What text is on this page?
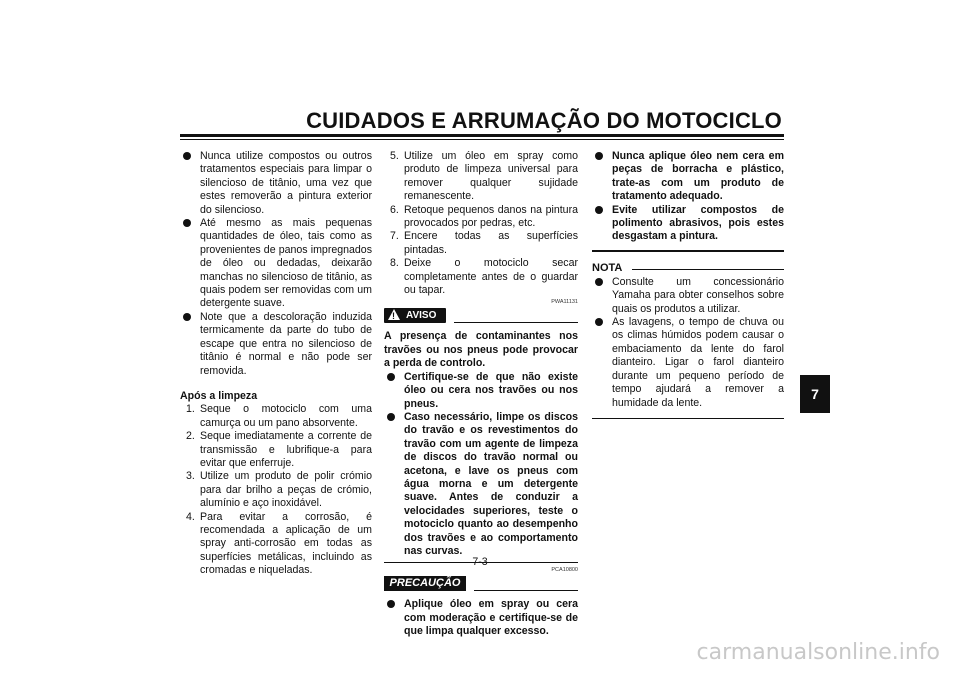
CUIDADOS E ARRUMAÇÃO DO MOTOCICLO
Nunca utilize compostos ou outros tratamentos especiais para limpar o silencioso de titânio, uma vez que estes removerão a pintura exterior do silencioso.
Até mesmo as mais pequenas quantidades de óleo, tais como as provenientes de panos impregnados de óleo ou dedadas, deixarão manchas no silencioso de titânio, as quais podem ser removidas com um detergente suave.
Note que a descoloração induzida termicamente da parte do tubo de escape que entra no silencioso de titânio é normal e não pode ser removida.
Após a limpeza
1. Seque o motociclo com uma camurça ou um pano absorvente.
2. Seque imediatamente a corrente de transmissão e lubrifique-a para evitar que enferruje.
3. Utilize um produto de polir crómio para dar brilho a peças de crómio, alumínio e aço inoxidável.
4. Para evitar a corrosão, é recomendada a aplicação de um spray anti-corrosão em todas as superfícies metálicas, incluindo as cromadas e niqueladas.
5. Utilize um óleo em spray como produto de limpeza universal para remover qualquer sujidade remanescente.
6. Retoque pequenos danos na pintura provocados por pedras, etc.
7. Encere todas as superfícies pintadas.
8. Deixe o motociclo secar completamente antes de o guardar ou tapar.
PWA11131
! AVISO
A presença de contaminantes nos travões ou nos pneus pode provocar a perda de controlo.
Certifique-se de que não existe óleo ou cera nos travões ou nos pneus.
Caso necessário, limpe os discos do travão e os revestimentos do travão com um agente de limpeza de discos do travão normal ou acetona, e lave os pneus com água morna e um detergente suave. Antes de conduzir a velocidades superiores, teste o motociclo quanto ao desempenho dos travões e ao comportamento nas curvas.
PCA10800
PRECAUÇÃO
Aplique óleo em spray ou cera com moderação e certifique-se de que limpa qualquer excesso.
Nunca aplique óleo nem cera em peças de borracha e plástico, trate-as com um produto de tratamento adequado.
Evite utilizar compostos de polimento abrasivos, pois estes desgastam a pintura.
NOTA
Consulte um concessionário Yamaha para obter conselhos sobre quais os produtos a utilizar.
As lavagens, o tempo de chuva ou os climas húmidos podem causar o embaciamento da lente do farol dianteiro. Ligar o farol dianteiro durante um pequeno período de tempo ajudará a remover a humidade da lente.
7-3
7
carmanualsonline.info
